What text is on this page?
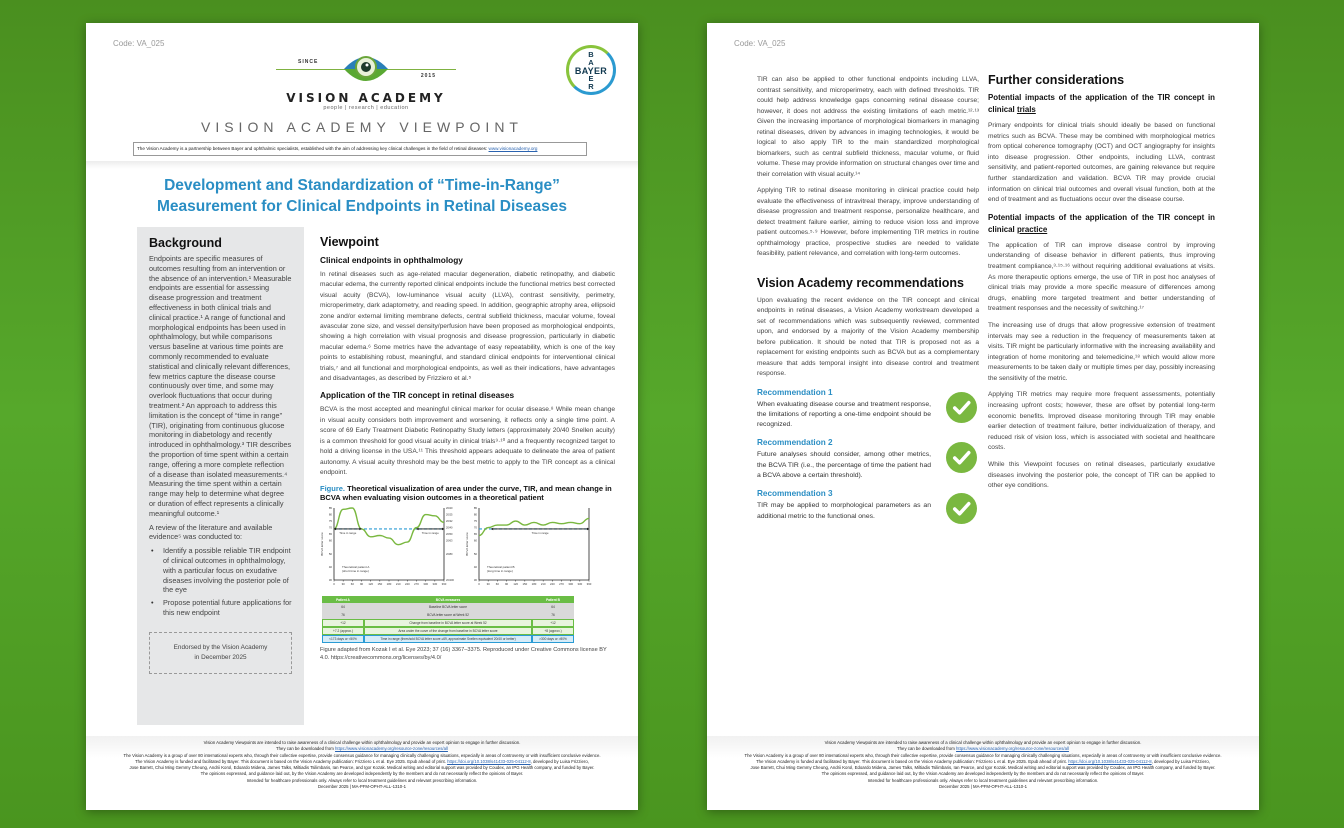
Code: VA_025
SINCE
2015
VISION ACADEMY
people | research | education
B
A

E
R
BAYER
VISION ACADEMY VIEWPOINT
The Vision Academy is a partnership between Bayer and ophthalmic specialists, established with the aim of addressing key clinical challenges in the field of retinal diseases: www.visionacademy.org
Development and Standardization of “Time-in-Range”
Measurement for Clinical Endpoints in Retinal Diseases
Background

Endpoints are specific measures of outcomes resulting from an intervention or the absence of an intervention.¹ Measurable endpoints are essential for assessing disease progression and treatment effectiveness in both clinical trials and clinical practice.¹ A range of functional and morphological endpoints has been used in ophthalmology, but while comparisons versus baseline at various time points are commonly recommended to evaluate statistical and clinically relevant differences, few metrics capture the disease course continuously over time, and some may overlook fluctuations that occur during treatment.² An approach to address this limitation is the concept of “time in range” (TIR), originating from continuous glucose monitoring in diabetology and recently introduced in ophthalmology.³ TIR describes the proportion of time spent within a certain range, offering a more complete reflection of a disease than isolated measurements.⁴ Measuring the time spent within a certain range may help to determine what degree or duration of effect represents a clinically meaningful outcome.¹

A review of the literature and available evidence⁵ was conducted to:

• Identify a possible reliable TIR endpoint of clinical outcomes in ophthalmology, with a particular focus on exudative diseases involving the posterior pole of the eye
• Propose potential future applications for this new endpoint
Endorsed by the Vision Academy
in December 2025
Viewpoint
Clinical endpoints in ophthalmology

In retinal diseases such as age-related macular degeneration, diabetic retinopathy, and diabetic macular edema, the currently reported clinical endpoints include the functional metrics best corrected visual acuity (BCVA), low-luminance visual acuity (LLVA), contrast sensitivity, perimetry, microperimetry, dark adaptometry, and reading speed. In addition, geographic atrophy area, ellipsoid zone and/or external limiting membrane defects, central subfield thickness, macular volume, foveal avascular zone size, and vessel density/perfusion have been proposed as morphological endpoints, showing a high correlation with visual prognosis and disease progression, particularly in diabetic macular edema.⁶ Some metrics have the advantage of easy repeatability, which is one of the key points to establishing robust, meaningful, and standard clinical endpoints for interventional clinical trials,⁷ and all functional and morphological endpoints, as well as their indications, have advantages and disadvantages, as described by Frizziero et al.⁵

Application of the TIR concept in retinal diseases

BCVA is the most accepted and meaningful clinical marker for ocular disease.⁸ While mean change in visual acuity considers both improvement and worsening, it reflects only a single time point. A score of 69 Early Treatment Diabetic Retinopathy Study letters (approximately 20/40 Snellen acuity) is a common threshold for good visual acuity in clinical trials⁹·¹⁰ and a frequently recognized target to hold a driving license in the USA.¹¹ This threshold appears adequate to delineate the area of patient autonomy. A visual acuity threshold may be the best metric to apply to the TIR concept as a clinical endpoint.

Figure. Theoretical visualization of area under the curve, TIR, and mean change in BCVA when evaluating vision outcomes in a theoretical patient
0 30 60 90 120 150 180 210 240 270 300 330 360
30
40
50
60
65
70
75
80
85
BCVA letter score	Time in range	Time in range
Theoretical patient A
(short time in range)
20/20
20/25
20/32
20/40
20/50
20/63
20/80
20/200
0 30 60 90 120 150 180 210 240 270 300 330 360
30
40
50
60
65
70
75
80
85
BCVA letter score	Time in range
Theoretical patient B
(long time in range)
Patient A	BCVA measures	Patient B
64	Baseline BCVA letter score	64
76	BCVA letter score at Week 52	76
+12	Change from baseline in BCVA letter score at Week 52	+12
+7.2 (approx.)	Area under the curve of the change from baseline in BCVA letter score	+8 (approx.)
<173 days or <50%	Time in range (threshold BCVA letter score ≥69, approximate Snellen equivalent 20/40 or better)	>300 days or >80%
Figure adapted from Kozak I et al. Eye 2023; 37 (16) 3367–3375. Reproduced under Creative Commons license BY 4.0. https://creativecommons.org/licenses/by/4.0/
Vision Academy Viewpoints are intended to raise awareness of a clinical challenge within ophthalmology and provide an expert opinion to engage in further discussion.
They can be downloaded from https://www.visionacademy.org/resource-zone/resources/all
The Vision Academy is a group of over 80 international experts who, through their collective expertise, provide consensus guidance for managing clinically challenging situations, especially in areas of controversy or with insufficient conclusive evidence.
The Vision Academy is funded and facilitated by Bayer. This document is based on the Vision Academy publication: Frizziero L et al. Eye 2025. Epub ahead of print. https://doi.org/10.1038/s41433-025-04112-8, developed by Luisa Frizziero,
Jose Barrett, Chui Ming Gemmy Cheung, Andrii Korol, Edoardo Midena, James Talks, Miltiadis Tsilimbaris, Ian Pearce, and Igor Kozak. Medical writing and editorial support was provided by Coudex, an IPG Health company, and funded by Bayer.
The opinions expressed, and guidance laid out, by the Vision Academy are developed independently by the members and do not necessarily reflect the opinions of Bayer.
Intended for healthcare professionals only. Always refer to local treatment guidelines and relevant prescribing information.
December 2025 | MA-PFM-OPHT-ALL-1310-1
Code: VA_025

TIR can also be applied to other functional endpoints including LLVA, contrast sensitivity, and microperimetry, each with defined thresholds. TIR could help address knowledge gaps concerning retinal disease course; however, it does not address the existing limitations of each metric.¹²·¹³ Given the increasing importance of morphological biomarkers in managing retinal diseases, driven by advances in imaging technologies, it would be logical to also apply TIR to the main standardized morphological biomarkers, such as central subfield thickness, macular volume, or fluid volume. These may provide information on structural changes over time and their correlation with visual acuity.¹⁴

Applying TIR to retinal disease monitoring in clinical practice could help evaluate the effectiveness of intravitreal therapy, improve understanding of disease progression and treatment response, personalize healthcare, and detect treatment failure earlier, aiming to reduce vision loss and improve patient outcomes.⁵·⁹ However, before implementing TIR metrics in routine ophthalmology practice, prospective studies are needed to validate feasibility, patient relevance, and correlation with long-term outcomes.

Vision Academy recommendations

Upon evaluating the recent evidence on the TIR concept and clinical endpoints in retinal diseases, a Vision Academy workstream developed a set of recommendations which was subsequently reviewed, commented upon, and endorsed by a majority of the Vision Academy membership before publication. It should be noted that TIR is proposed not as a replacement for existing endpoints such as BCVA but as a complementary measure that adds temporal insight into disease control and treatment response.

Recommendation 1

When evaluating disease course and treatment response, the limitations of reporting a one-time endpoint should be recognized.

Recommendation 2

Future analyses should consider, among other metrics, the BCVA TIR (i.e., the percentage of time the patient had a BCVA above a certain threshold).

Recommendation 3

TIR may be applied to morphological parameters as an additional metric to the functional ones.

Further considerations
Potential impacts of the application of the TIR concept in clinical trials

Primary endpoints for clinical trials should ideally be based on functional metrics such as BCVA. These may be combined with morphological metrics from optical coherence tomography (OCT) and OCT angiography for insights into disease progression. Other endpoints, including LLVA, contrast sensitivity, and patient-reported outcomes, are gaining relevance but require further standardization and validation. BCVA TIR may provide crucial information on clinical trial outcomes and overall visual function, both at the end of treatment and as fluctuations occur over the disease course.

Potential impacts of the application of the TIR concept in clinical practice

The application of TIR can improve disease control by improving understanding of disease behavior in different patients, thus improving treatment compliance,³·¹⁵·¹⁶ without requiring additional evaluations at visits. As more therapeutic options emerge, the use of TIR in post hoc analyses of clinical trials may provide a more specific measure of differences among drugs, enabling more targeted treatment and better understanding of treatment responses and the necessity of switching.¹⁷

The increasing use of drugs that allow progressive extension of treatment intervals may see a reduction in the frequency of measurements taken at visits. TIR might be particularly informative with the increasing availability and integration of home monitoring and telemedicine,¹⁸ which would allow more measurements to be taken daily or multiple times per day, possibly increasing the sensitivity of the metric.

Applying TIR metrics may require more frequent assessments, potentially increasing upfront costs; however, these are offset by potential long-term economic benefits. Improved disease monitoring through TIR may enable earlier detection of treatment failure, better individualization of therapy, and reduced risk of vision loss, which is associated with societal and healthcare costs.

While this Viewpoint focuses on retinal diseases, particularly exudative diseases involving the posterior pole, the concept of TIR can be applied to other eye conditions.

Vision Academy Viewpoints are intended to raise awareness of a clinical challenge within ophthalmology and provide an expert opinion to engage in further discussion.
They can be downloaded from https://www.visionacademy.org/resource-zone/resources/all
The Vision Academy is a group of over 80 international experts who, through their collective expertise, provide consensus guidance for managing clinically challenging situations, especially in areas of controversy or with insufficient conclusive evidence.
The Vision Academy is funded and facilitated by Bayer. This document is based on the Vision Academy publication: Frizziero L et al. Eye 2025. Epub ahead of print. https://doi.org/10.1038/s41433-025-04112-8, developed by Luisa Frizziero,
Jose Barrett, Chui Ming Gemmy Cheung, Andrii Korol, Edoardo Midena, James Talks, Miltiadis Tsilimbaris, Ian Pearce, and Igor Kozak. Medical writing and editorial support was provided by Coudex, an IPG Health company, and funded by Bayer.
The opinions expressed, and guidance laid out, by the Vision Academy are developed independently by the members and do not necessarily reflect the opinions of Bayer.
Intended for healthcare professionals only. Always refer to local treatment guidelines and relevant prescribing information.
December 2025 | MA-PFM-OPHT-ALL-1310-1
